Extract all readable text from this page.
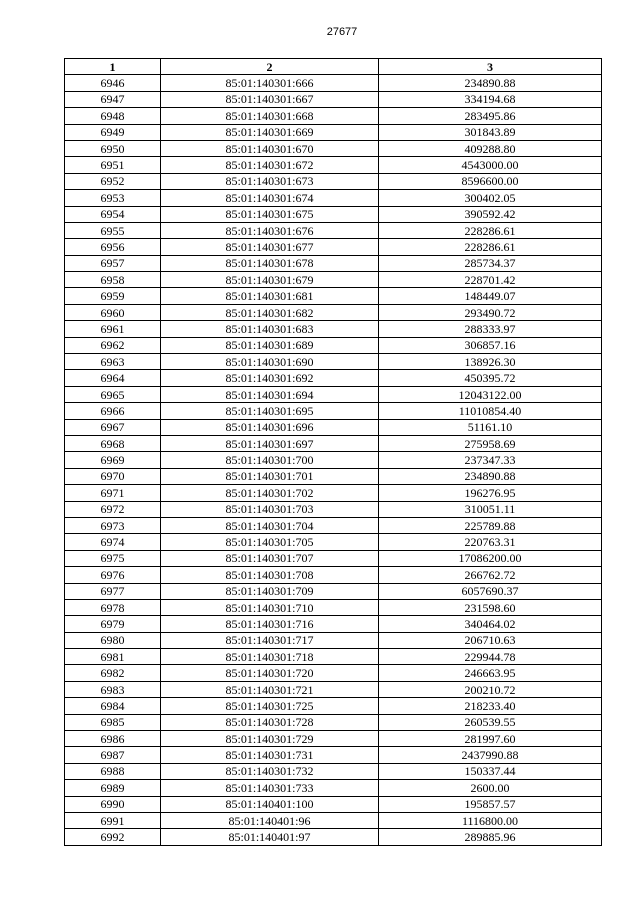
27677
1	2	3
6946	85:01:140301:666	234890.88
6947	85:01:140301:667	334194.68
6948	85:01:140301:668	283495.86
6949	85:01:140301:669	301843.89
6950	85:01:140301:670	409288.80
6951	85:01:140301:672	4543000.00
6952	85:01:140301:673	8596600.00
6953	85:01:140301:674	300402.05
6954	85:01:140301:675	390592.42
6955	85:01:140301:676	228286.61
6956	85:01:140301:677	228286.61
6957	85:01:140301:678	285734.37
6958	85:01:140301:679	228701.42
6959	85:01:140301:681	148449.07
6960	85:01:140301:682	293490.72
6961	85:01:140301:683	288333.97
6962	85:01:140301:689	306857.16
6963	85:01:140301:690	138926.30
6964	85:01:140301:692	450395.72
6965	85:01:140301:694	12043122.00
6966	85:01:140301:695	11010854.40
6967	85:01:140301:696	51161.10
6968	85:01:140301:697	275958.69
6969	85:01:140301:700	237347.33
6970	85:01:140301:701	234890.88
6971	85:01:140301:702	196276.95
6972	85:01:140301:703	310051.11
6973	85:01:140301:704	225789.88
6974	85:01:140301:705	220763.31
6975	85:01:140301:707	17086200.00
6976	85:01:140301:708	266762.72
6977	85:01:140301:709	6057690.37
6978	85:01:140301:710	231598.60
6979	85:01:140301:716	340464.02
6980	85:01:140301:717	206710.63
6981	85:01:140301:718	229944.78
6982	85:01:140301:720	246663.95
6983	85:01:140301:721	200210.72
6984	85:01:140301:725	218233.40
6985	85:01:140301:728	260539.55
6986	85:01:140301:729	281997.60
6987	85:01:140301:731	2437990.88
6988	85:01:140301:732	150337.44
6989	85:01:140301:733	2600.00
6990	85:01:140401:100	195857.57
6991	85:01:140401:96	1116800.00
6992	85:01:140401:97	289885.96
